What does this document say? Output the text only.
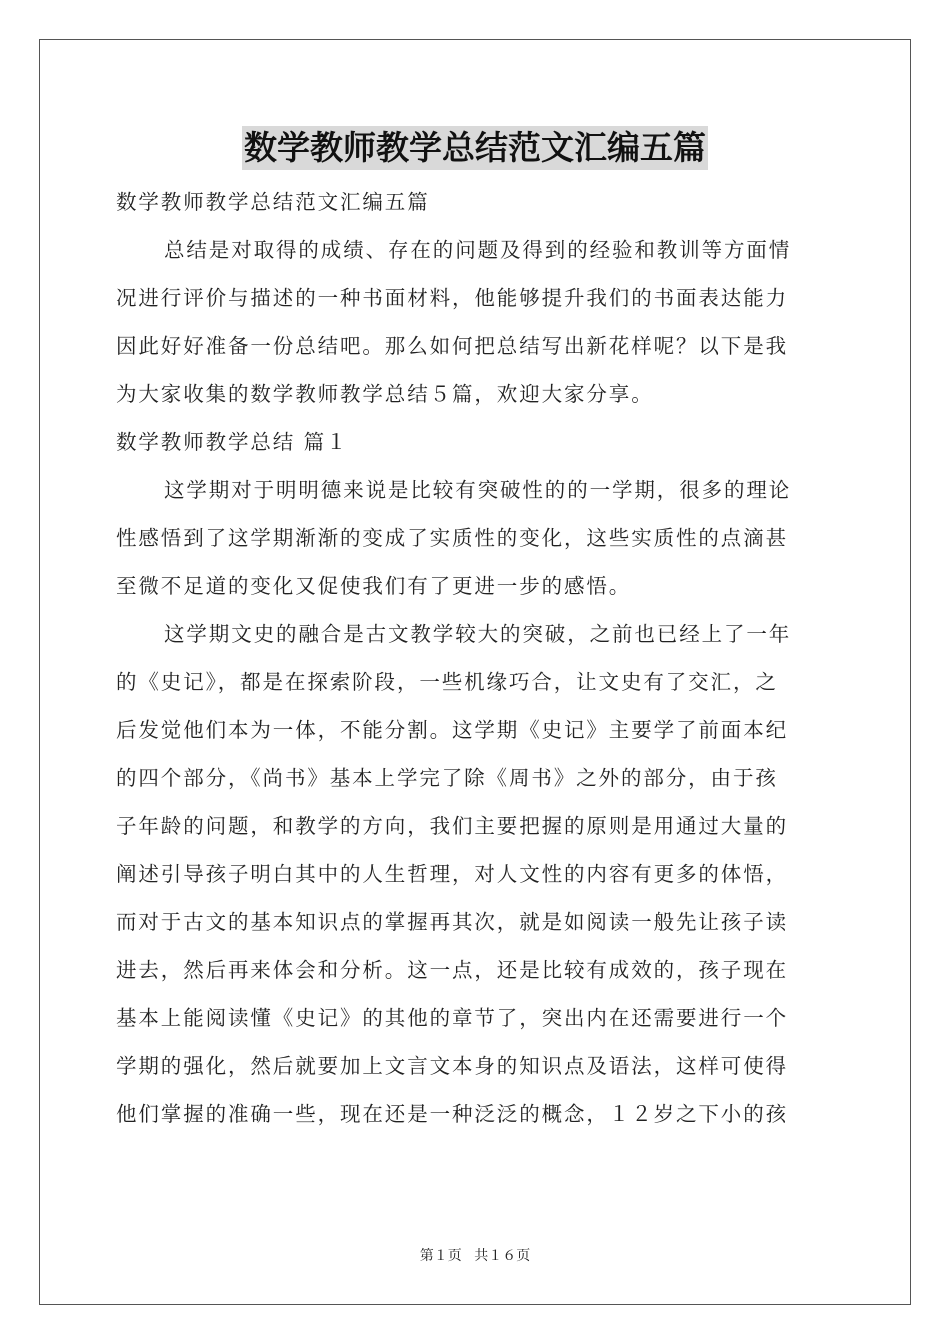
数学教师教学总结范文汇编五篇
数学教师教学总结范文汇编五篇
总结是对取得的成绩、存在的问题及得到的经验和教训等方面情
况进行评价与描述的一种书面材料，他能够提升我们的书面表达能力
因此好好准备一份总结吧。那么如何把总结写出新花样呢？以下是我
为大家收集的数学教师教学总结５篇，欢迎大家分享。
数学教师教学总结 篇１
这学期对于明明德来说是比较有突破性的的一学期，很多的理论
性感悟到了这学期渐渐的变成了实质性的变化，这些实质性的点滴甚
至微不足道的变化又促使我们有了更进一步的感悟。
这学期文史的融合是古文教学较大的突破，之前也已经上了一年
的《史记》，都是在探索阶段，一些机缘巧合，让文史有了交汇，之
后发觉他们本为一体，不能分割。这学期《史记》主要学了前面本纪
的四个部分，《尚书》基本上学完了除《周书》之外的部分，由于孩
子年龄的问题，和教学的方向，我们主要把握的原则是用通过大量的
阐述引导孩子明白其中的人生哲理，对人文性的内容有更多的体悟，
而对于古文的基本知识点的掌握再其次，就是如阅读一般先让孩子读
进去，然后再来体会和分析。这一点，还是比较有成效的，孩子现在
基本上能阅读懂《史记》的其他的章节了，突出内在还需要进行一个
学期的强化，然后就要加上文言文本身的知识点及语法，这样可使得
他们掌握的准确一些，现在还是一种泛泛的概念，１２岁之下小的孩
第１页 共１６页
